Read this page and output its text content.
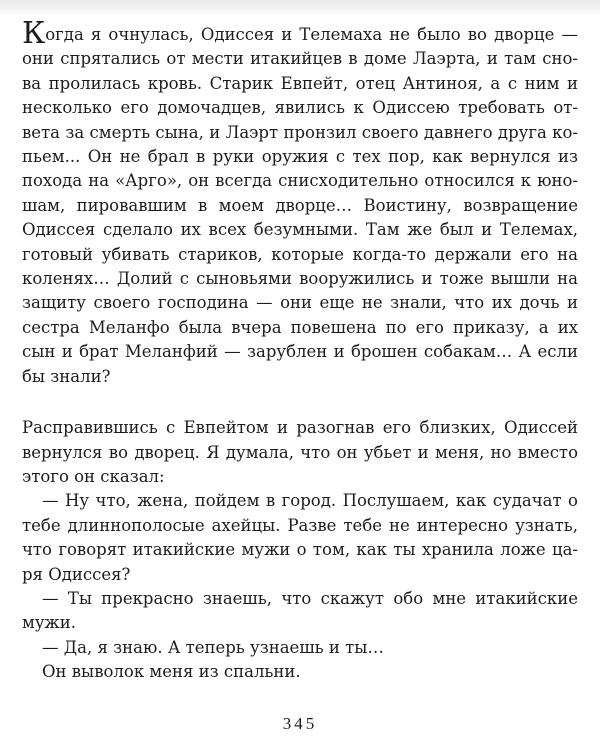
Когда я очнулась, Одиссея и Телемаха не было во дворце —
они спрятались от мести итакийцев в доме Лаэрта, и там сно-
ва пролилась кровь. Старик Евпейт, отец Антиноя, а с ним и
несколько его домочадцев, явились к Одиссею требовать от-
вета за смерть сына, и Лаэрт пронзил своего давнего друга ко-
пьем... Он не брал в руки оружия с тех пор, как вернулся из
похода на «Арго», он всегда снисходительно относился к юно-
шам, пировавшим в моем дворце… Воистину, возвращение
Одиссея сделало их всех безумными. Там же был и Телемах,
готовый убивать стариков, которые когда-то держали его на
коленях… Долий с сыновьями вооружились и тоже вышли на
защиту своего господина — они еще не знали, что их дочь и
сестра Меланфо была вчера повешена по его приказу, а их
сын и брат Меланфий — зарублен и брошен собакам… А если
бы знали?
Расправившись с Евпейтом и разогнав его близких, Одиссей
вернулся во дворец. Я думала, что он убьет и меня, но вместо
этого он сказал:
— Ну что, жена, пойдем в город. Послушаем, как судачат о
тебе длиннополосые ахейцы. Разве тебе не интересно узнать,
что говорят итакийские мужи о том, как ты хранила ложе ца-
ря Одиссея?
— Ты прекрасно знаешь, что скажут обо мне итакийские
мужи.
— Да, я знаю. А теперь узнаешь и ты…
Он выволок меня из спальни.
345
